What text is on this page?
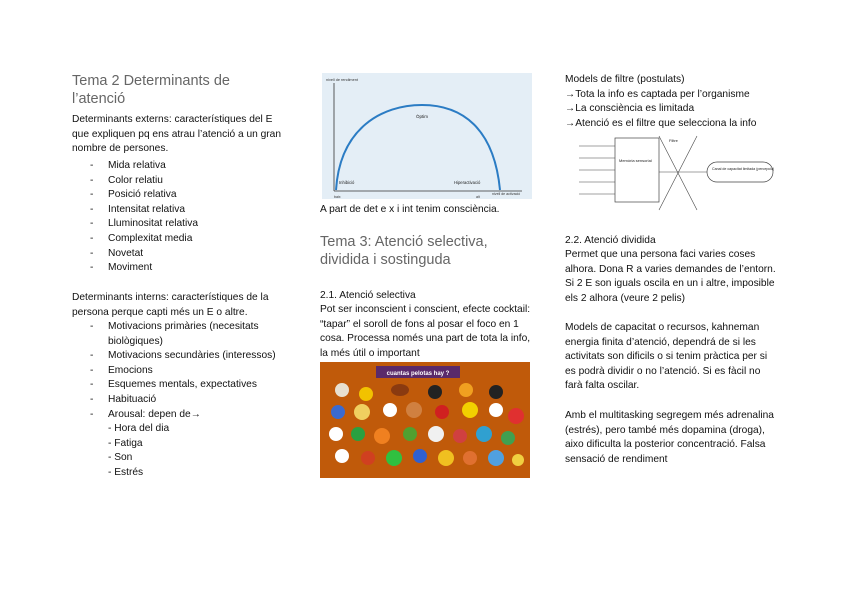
Tema 2 Determinants de l’atenció

Determinants externs: característiques del E que expliquen pq ens atrau l’atenció a un gran nombre de persones.

- Mida relativa
- Color relatiu
- Posició relativa
- Intensitat relativa
- Lluminositat relativa
- Complexitat media
- Novetat
- Moviment

Determinants interns: característiques de la persona perque capti més un E o altre.

- Motivacions primàries (necesitats biològiques)
- Motivacions secundàries (interessos)
- Emocions
- Esquemes mentals, expectatives
- Habituació
- Arousal: depen de→
- Hora del dia
- Fatiga
- Son
- Estrés
nivell de rendiment
Òptim
Inhibició	Hiperactivació
nivell de activació
baix	alt

A part de det e x i int tenim consciència.

Tema 3: Atenció selectiva, dividida i sostinguda

2.1. Atenció selectiva

Pot ser inconscient i conscient, efecte cocktail: “tapar” el soroll de fons al posar el foco en 1 cosa. Processa només una part de tota la info, la més útil o important

cuantas pelotas hay ?

Models de filtre (postulats)

→Tota la info es captada per l’organisme

→La consciència es limitada

→Atenció es el filtre que selecciona la info

Memòria sensorial
Filtre
Canal de capacitat limitada (percepció)

2.2. Atenció dividida

Permet que una persona faci varies coses alhora. Dona R a varies demandes de l’entorn. Si 2 E son iguals oscila en un i altre, imposible els 2 alhora (veure 2 pelis)

Models de capacitat o recursos, kahneman energia finita d’atenció, dependrá de si les activitats son dificils o si tenim pràctica per si es podrà dividir o no l’atenció. Si es fàcil no farà falta oscilar.

Amb el multitasking segregem més adrenalina (estrés), pero també més dopamina (droga), aixo dificulta la posterior concentració. Falsa sensació de rendiment
